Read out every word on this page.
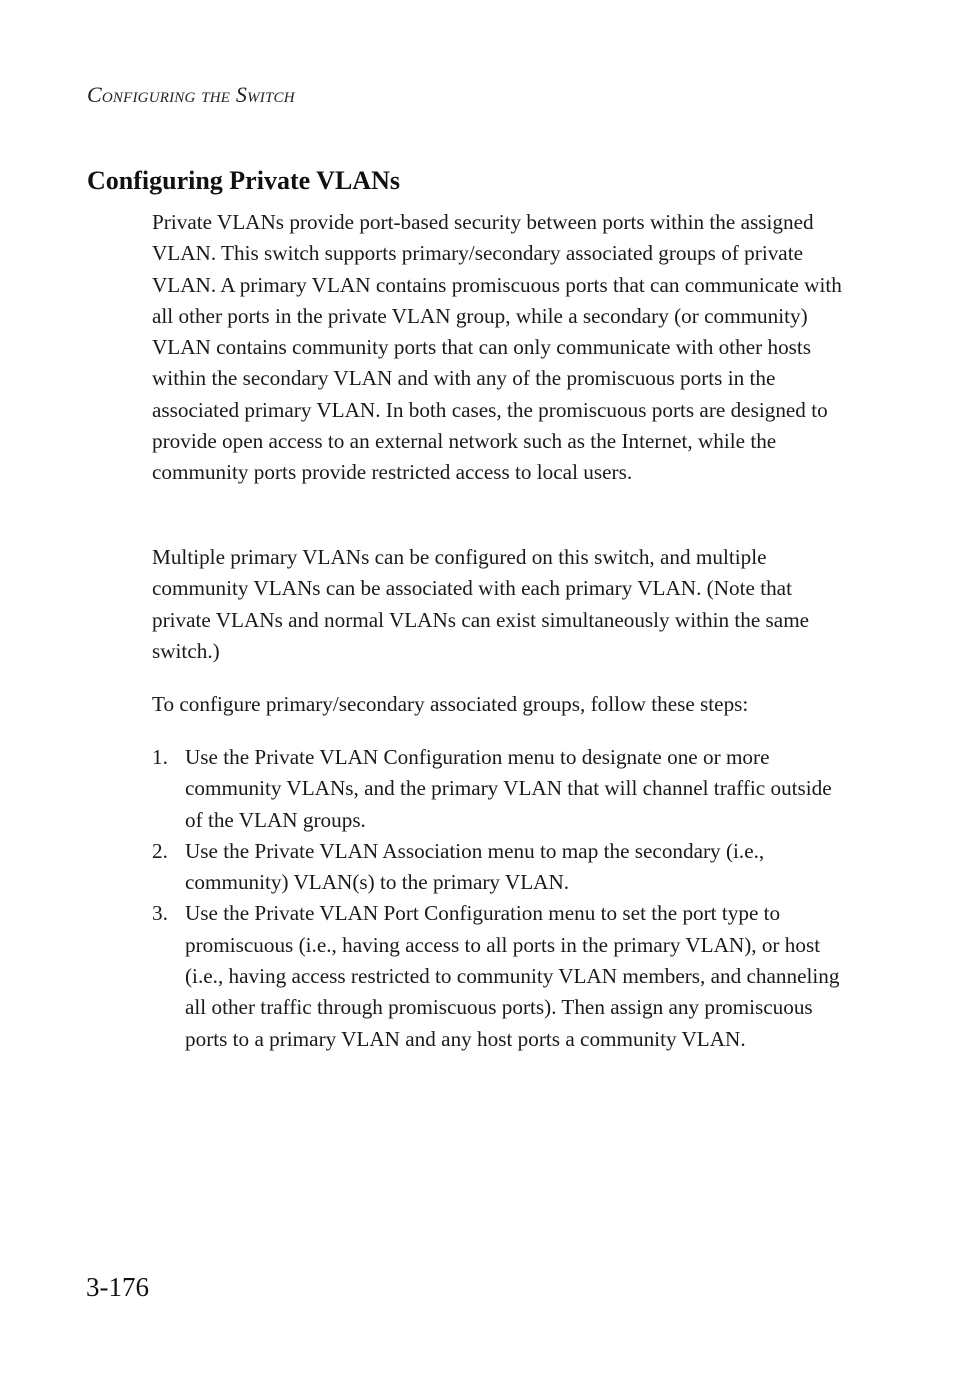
Configuring the Switch
Configuring Private VLANs

Private VLANs provide port-based security between ports within the assigned VLAN. This switch supports primary/secondary associated groups of private VLAN. A primary VLAN contains promiscuous ports that can communicate with all other ports in the private VLAN group, while a secondary (or community) VLAN contains community ports that can only communicate with other hosts within the secondary VLAN and with any of the promiscuous ports in the associated primary VLAN. In both cases, the promiscuous ports are designed to provide open access to an external network such as the Internet, while the community ports provide restricted access to local users.

Multiple primary VLANs can be configured on this switch, and multiple community VLANs can be associated with each primary VLAN. (Note that private VLANs and normal VLANs can exist simultaneously within the same switch.)

To configure primary/secondary associated groups, follow these steps:

1. Use the Private VLAN Configuration menu to designate one or more community VLANs, and the primary VLAN that will channel traffic outside of the VLAN groups.
2. Use the Private VLAN Association menu to map the secondary (i.e., community) VLAN(s) to the primary VLAN.
3. Use the Private VLAN Port Configuration menu to set the port type to promiscuous (i.e., having access to all ports in the primary VLAN), or host (i.e., having access restricted to community VLAN members, and channeling all other traffic through promiscuous ports). Then assign any promiscuous ports to a primary VLAN and any host ports a community VLAN.
3-176
